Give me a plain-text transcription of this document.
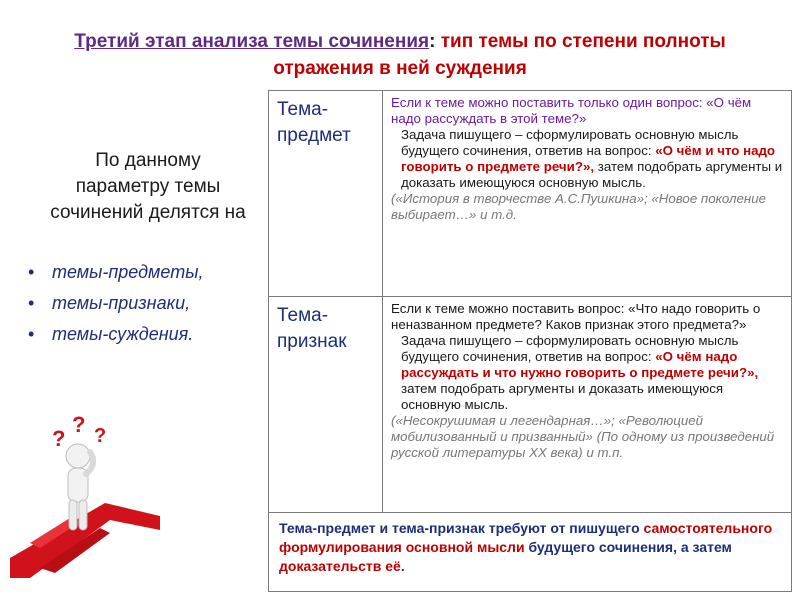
Третий этап анализа темы сочинения: тип темы по степени полноты отражения в ней суждения
По данному параметру темы сочинений делятся на
• темы-предметы,
• темы-признаки,
• темы-суждения.
?
? ?
Тема-предмет

Если к теме можно поставить только один вопрос: «О чём надо рассуждать в этой теме?»

Задача пишущего – сформулировать основную мысль будущего сочинения, ответив на вопрос: «О чём и что надо говорить о предмете речи?», затем подобрать аргументы и доказать имеющуюся основную мысль.

(«История в творчестве А.С.Пушкина»; «Новое поколение выбирает…» и т.д.

Тема-признак

Если к теме можно поставить вопрос: «Что надо говорить о неназванном предмете? Каков признак этого предмета?»

Задача пишущего – сформулировать основную мысль будущего сочинения, ответив на вопрос: «О чём надо рассуждать и что нужно говорить о предмете речи?», затем подобрать аргументы и доказать имеющуюся основную мысль.

(«Несокрушимая и легендарная…»; «Революцией мобилизованный и призванный» (По одному из произведений русской литературы XX века) и т.п.

Тема-предмет и тема-признак требуют от пишущего самостоятельного формулирования основной мысли будущего сочинения, а затем доказательств её.
